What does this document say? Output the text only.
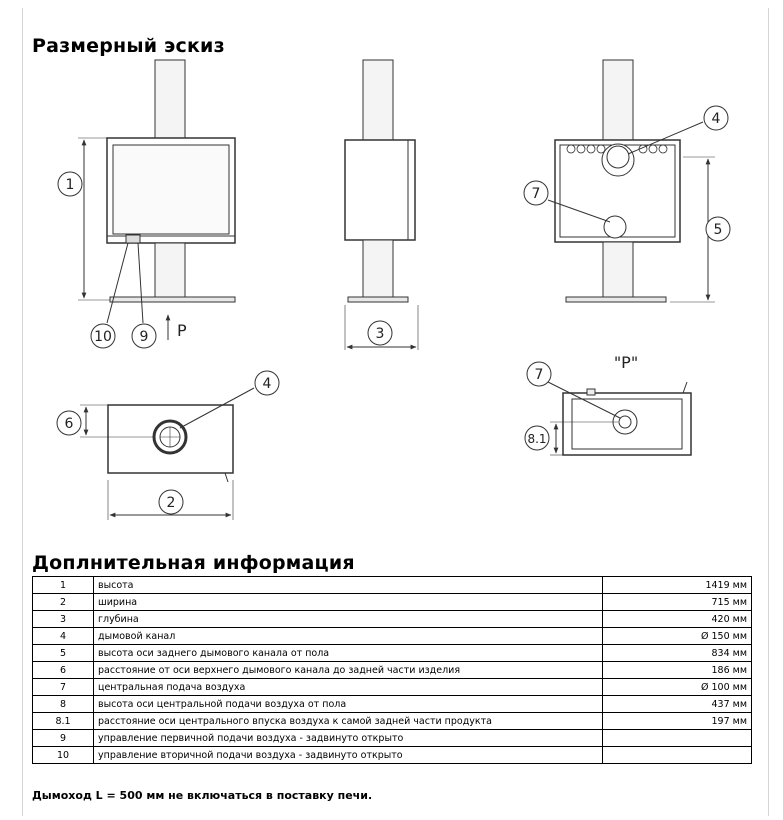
Размерный эскиз
1
10 9	3
4
7
5
4
6
2
7
8.1
P
"P"
Доплнительная информация
1	высота	1419 мм
2	ширина	715 мм
3	глубина	420 мм
4	дымовой канал	Ø 150 мм
5	высота оси заднего дымового канала от пола	834 мм
6	расстояние от оси верхнего дымового канала до задней части изделия	186 мм
7	центральная подача воздуха	Ø 100 мм
8	высота оси центральной подачи воздуха от пола	437 мм
8.1	расстояние оси центрального впуска воздуха к самой задней части продукта	197 мм
9	управление первичной подачи воздуха - задвинуто открыто	
10	управление вторичной подачи воздуха - задвинуто открыто	
Дымоход L = 500 мм не включаться в поставку печи.
